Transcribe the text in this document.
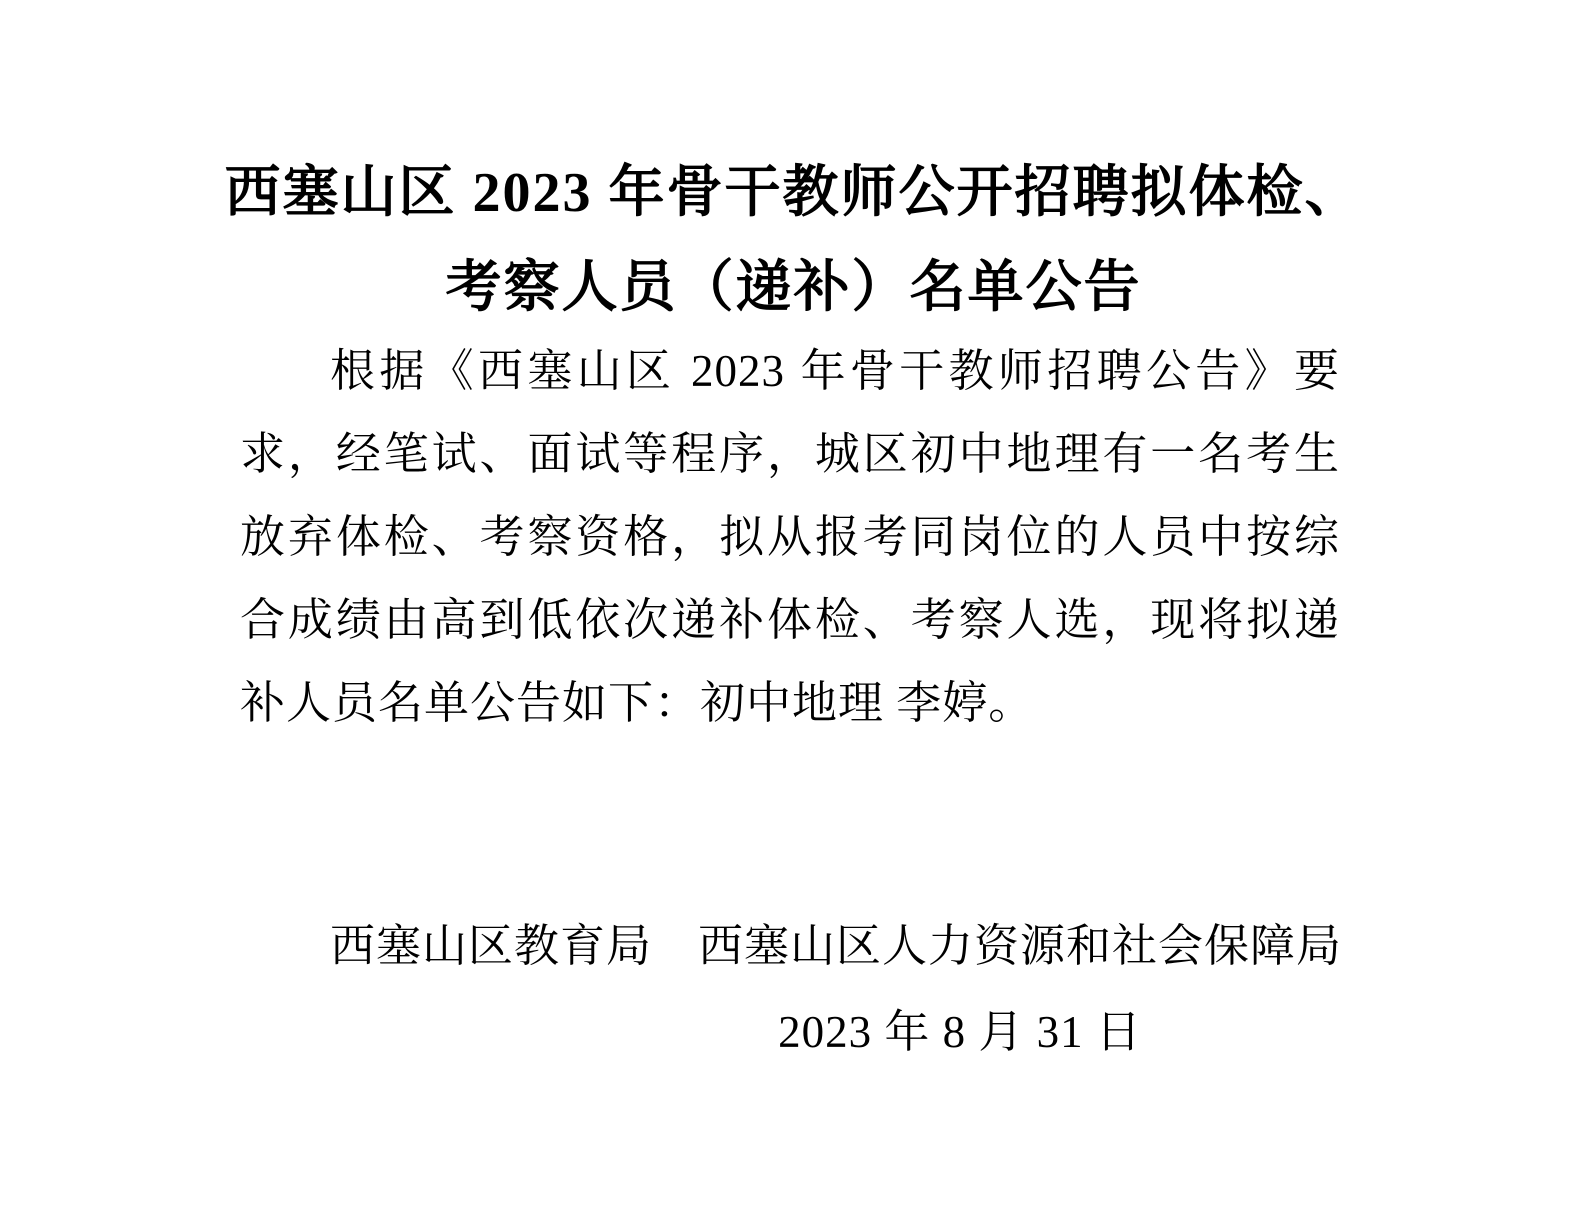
西塞山区 2023 年骨干教师公开招聘拟体检、
考察人员（递补）名单公告
根据《西塞山区 2023 年骨干教师招聘公告》要求，经笔试、面试等程序，城区初中地理有一名考生放弃体检、考察资格，拟从报考同岗位的人员中按综合成绩由高到低依次递补体检、考察人选，现将拟递补人员名单公告如下：初中地理 李婷。
西塞山区教育局　西塞山区人力资源和社会保障局
2023 年 8 月 31 日
